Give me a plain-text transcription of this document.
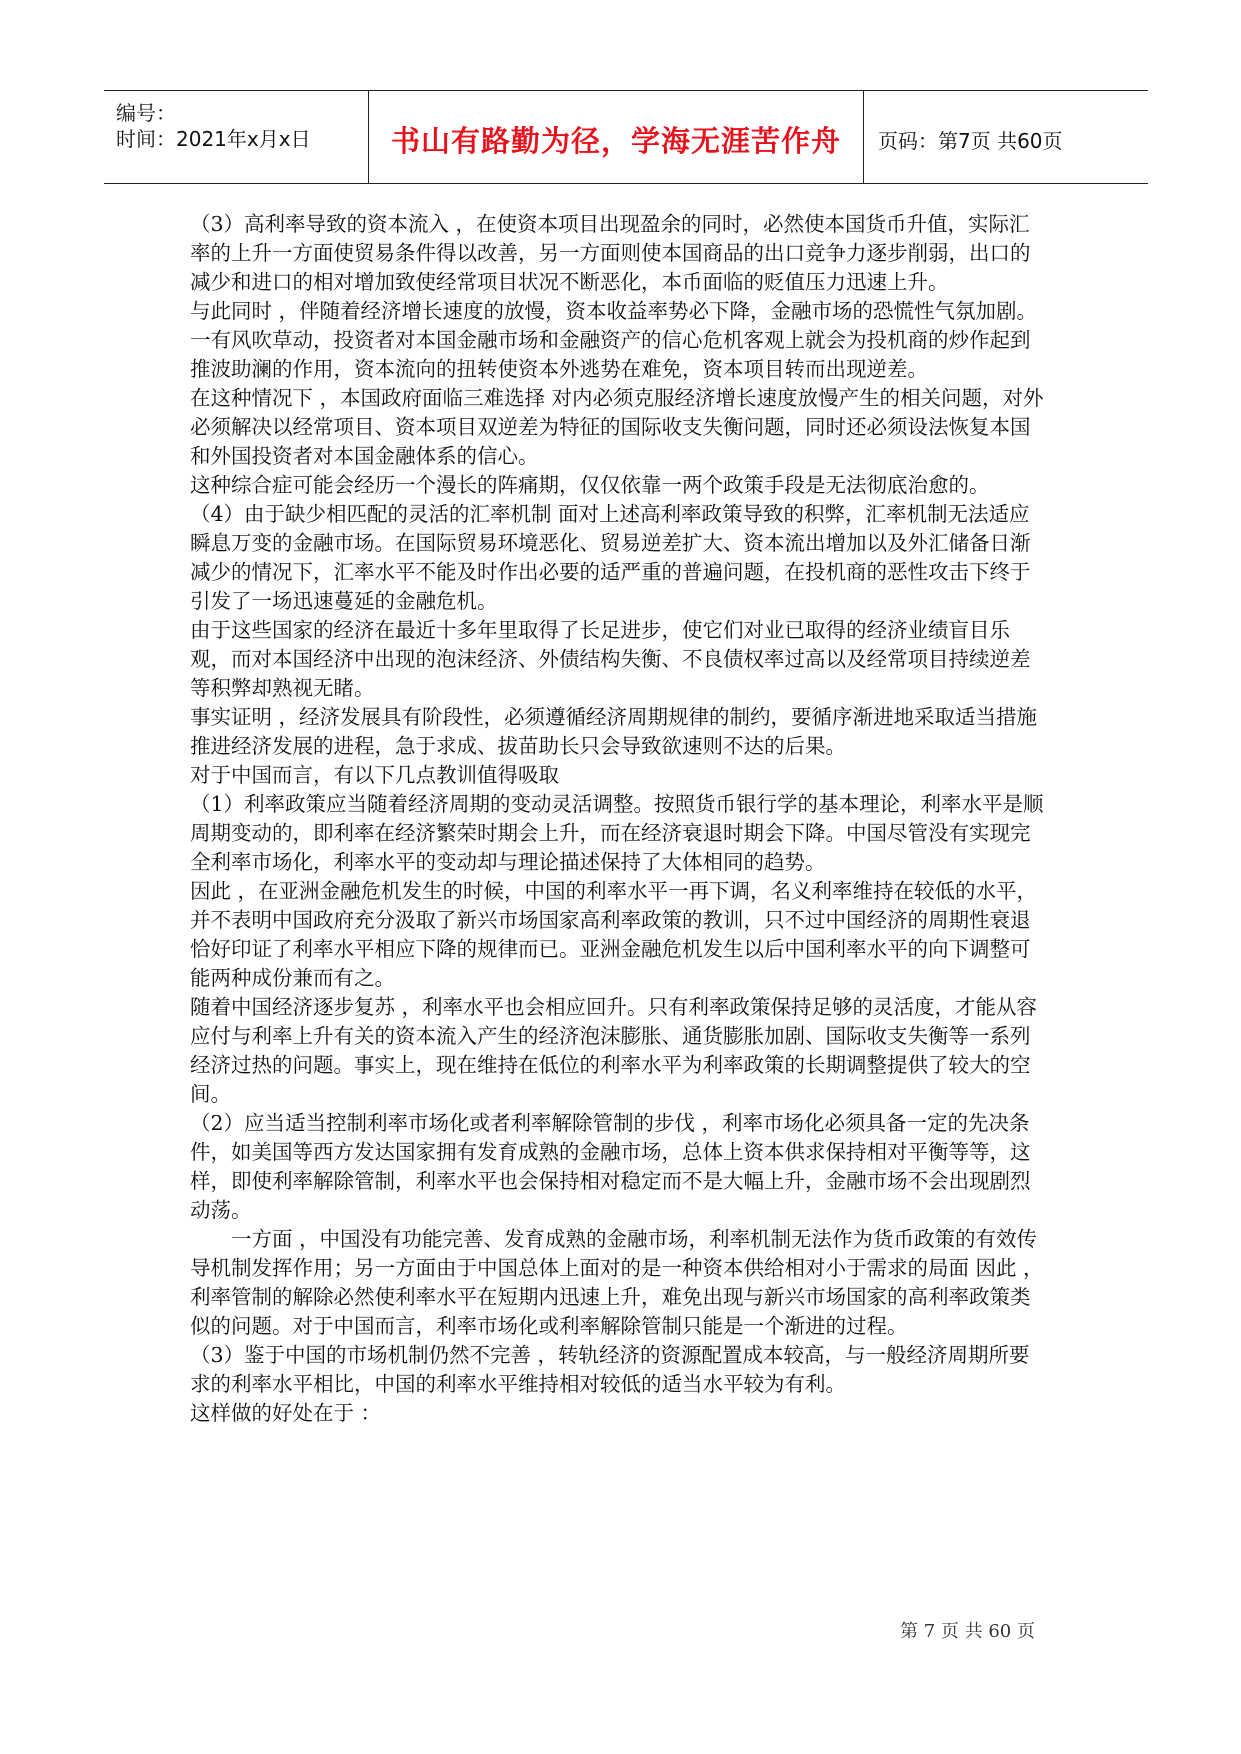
编号：
时间：2021年x月x日	书山有路勤为径，学海无涯苦作舟	页码：第7页 共60页

（3）高利率导致的资本流入 ，在使资本项目出现盈余的同时，必然使本国货币升值，实际汇率的上升一方面使贸易条件得以改善，另一方面则使本国商品的出口竞争力逐步削弱，出口的减少和进口的相对增加致使经常项目状况不断恶化，本币面临的贬值压力迅速上升。

与此同时 ，伴随着经济增长速度的放慢，资本收益率势必下降，金融市场的恐慌性气氛加剧。一有风吹草动，投资者对本国金融市场和金融资产的信心危机客观上就会为投机商的炒作起到推波助澜的作用，资本流向的扭转使资本外逃势在难免，资本项目转而出现逆差。

在这种情况下 ，本国政府面临三难选择 对内必须克服经济增长速度放慢产生的相关问题，对外必须解决以经常项目、资本项目双逆差为特征的国际收支失衡问题，同时还必须设法恢复本国和外国投资者对本国金融体系的信心。

这种综合症可能会经历一个漫长的阵痛期，仅仅依靠一两个政策手段是无法彻底治愈的。

（4）由于缺少相匹配的灵活的汇率机制 面对上述高利率政策导致的积弊，汇率机制无法适应瞬息万变的金融市场。在国际贸易环境恶化、贸易逆差扩大、资本流出增加以及外汇储备日渐减少的情况下，汇率水平不能及时作出必要的适严重的普遍问题，在投机商的恶性攻击下终于引发了一场迅速蔓延的金融危机。

由于这些国家的经济在最近十多年里取得了长足进步，使它们对业已取得的经济业绩盲目乐观，而对本国经济中出现的泡沫经济、外债结构失衡、不良债权率过高以及经常项目持续逆差等积弊却熟视无睹。

事实证明 ，经济发展具有阶段性，必须遵循经济周期规律的制约，要循序渐进地采取适当措施推进经济发展的进程，急于求成、拔苗助长只会导致欲速则不达的后果。

对于中国而言，有以下几点教训值得吸取

（1）利率政策应当随着经济周期的变动灵活调整。按照货币银行学的基本理论，利率水平是顺周期变动的，即利率在经济繁荣时期会上升，而在经济衰退时期会下降。中国尽管没有实现完全利率市场化，利率水平的变动却与理论描述保持了大体相同的趋势。

因此 ，在亚洲金融危机发生的时候，中国的利率水平一再下调，名义利率维持在较低的水平，并不表明中国政府充分汲取了新兴市场国家高利率政策的教训，只不过中国经济的周期性衰退恰好印证了利率水平相应下降的规律而已。亚洲金融危机发生以后中国利率水平的向下调整可能两种成份兼而有之。

随着中国经济逐步复苏 ，利率水平也会相应回升。只有利率政策保持足够的灵活度，才能从容应付与利率上升有关的资本流入产生的经济泡沫膨胀、通货膨胀加剧、国际收支失衡等一系列经济过热的问题。事实上，现在维持在低位的利率水平为利率政策的长期调整提供了较大的空间。

（2）应当适当控制利率市场化或者利率解除管制的步伐 ，利率市场化必须具备一定的先决条件，如美国等西方发达国家拥有发育成熟的金融市场，总体上资本供求保持相对平衡等等，这样，即使利率解除管制，利率水平也会保持相对稳定而不是大幅上升，金融市场不会出现剧烈动荡。

一方面 ，中国没有功能完善、发育成熟的金融市场，利率机制无法作为货币政策的有效传导机制发挥作用；另一方面由于中国总体上面对的是一种资本供给相对小于需求的局面 因此 ，利率管制的解除必然使利率水平在短期内迅速上升，难免出现与新兴市场国家的高利率政策类似的问题。对于中国而言，利率市场化或利率解除管制只能是一个渐进的过程。

（3）鉴于中国的市场机制仍然不完善 ，转轨经济的资源配置成本较高，与一般经济周期所要求的利率水平相比，中国的利率水平维持相对较低的适当水平较为有利。

这样做的好处在于 ：

第 7 页 共 60 页
